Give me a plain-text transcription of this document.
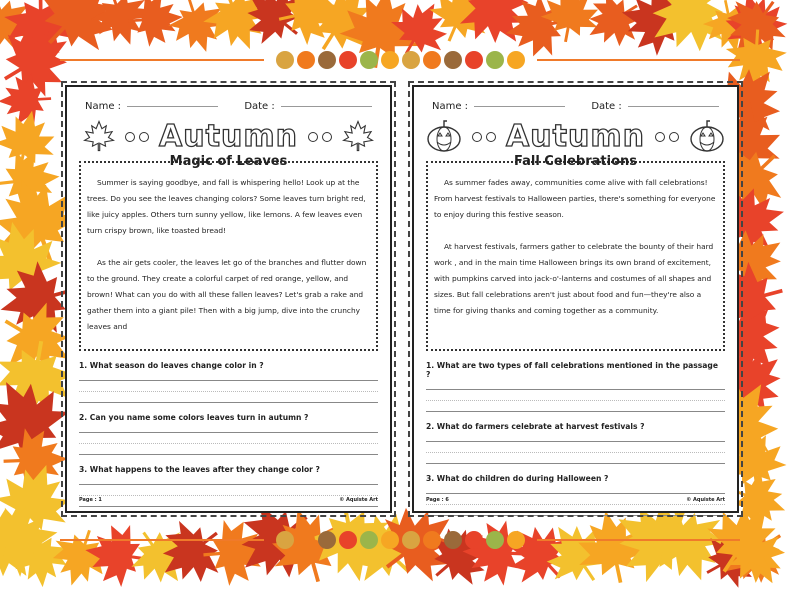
Name :	Date :
Autumn
Magic of Leaves

Summer is saying goodbye, and fall is whispering hello! Look up at the trees. Do you see the leaves changing colors? Some leaves turn bright red, like juicy apples. Others turn sunny yellow, like lemons. A few leaves even turn crispy brown, like toasted bread!

As the air gets cooler, the leaves let go of the branches and flutter down to the ground. They create a colorful carpet of red orange, yellow, and brown! What can you do with all these fallen leaves? Let's grab a rake and gather them into a giant pile! Then with a big jump, dive into the crunchy leaves and

1. What season do leaves change color in ?
2. Can you name some colors leaves turn in autumn ?
3. What happens to the leaves after they change color ?
Page : 1	© Aquiste Art
Name :	Date :
Autumn
Fall Celebrations

As summer fades away, communities come alive with fall celebrations! From harvest festivals to Halloween parties, there's something for everyone to enjoy during this festive season.

At harvest festivals, farmers gather to celebrate the bounty of their hard work , and in the main time Halloween brings its own brand of excitement, with pumpkins carved into jack-o'-lanterns and costumes of all shapes and sizes. But fall celebrations aren't just about food and fun—they're also a time for giving thanks and coming together as a community.

1. What are two types of fall celebrations mentioned in the passage ?
2. What do farmers celebrate at harvest festivals ?
3. What do children do during Halloween ?
Page : 6	© Aquiste Art
